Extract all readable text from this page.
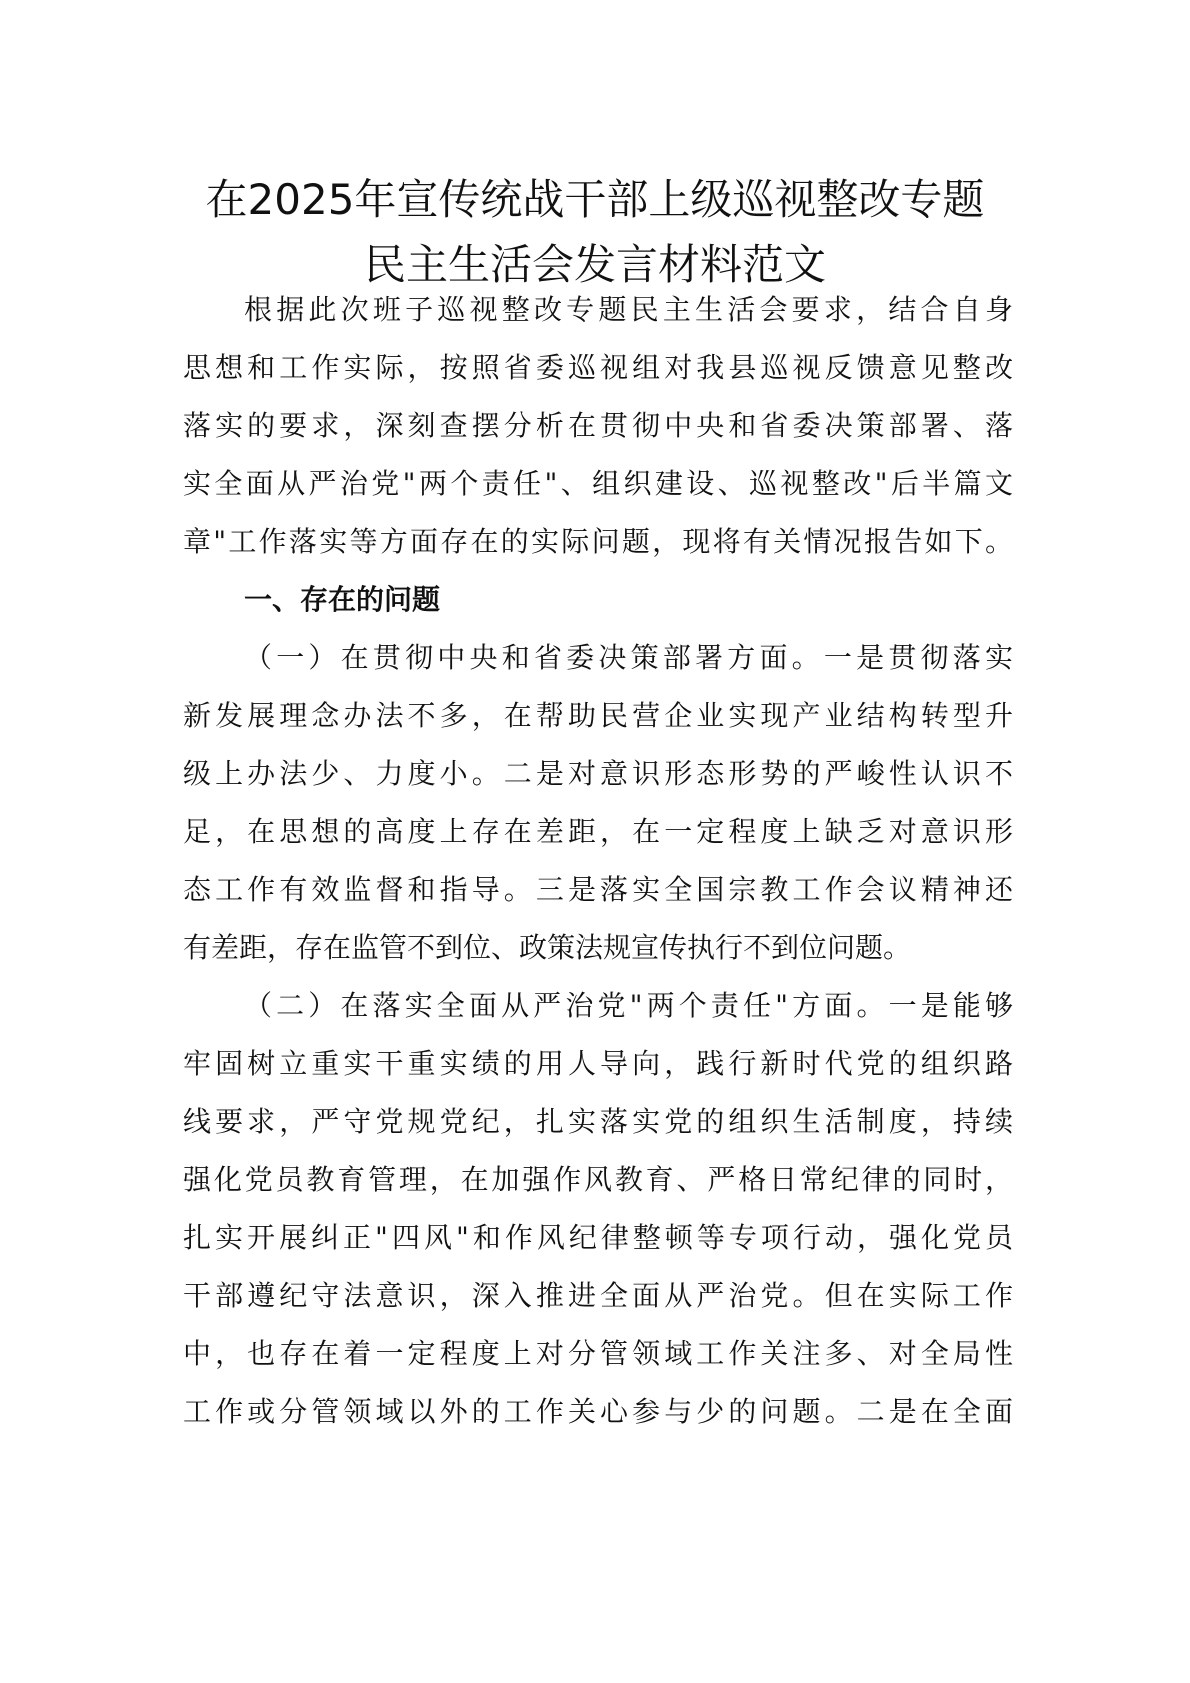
在2025年宣传统战干部上级巡视整改专题
民主生活会发言材料范文
根据此次班子巡视整改专题民主生活会要求，结合自身
思想和工作实际，按照省委巡视组对我县巡视反馈意见整改
落实的要求，深刻查摆分析在贯彻中央和省委决策部署、落
实全面从严治党"两个责任"、组织建设、巡视整改"后半篇文
章"工作落实等方面存在的实际问题，现将有关情况报告如下。
一、存在的问题
（一）在贯彻中央和省委决策部署方面。一是贯彻落实
新发展理念办法不多，在帮助民营企业实现产业结构转型升
级上办法少、力度小。二是对意识形态形势的严峻性认识不
足，在思想的高度上存在差距，在一定程度上缺乏对意识形
态工作有效监督和指导。三是落实全国宗教工作会议精神还
有差距，存在监管不到位、政策法规宣传执行不到位问题。
（二）在落实全面从严治党"两个责任"方面。一是能够
牢固树立重实干重实绩的用人导向，践行新时代党的组织路
线要求，严守党规党纪，扎实落实党的组织生活制度，持续
强化党员教育管理，在加强作风教育、严格日常纪律的同时，
扎实开展纠正"四风"和作风纪律整顿等专项行动，强化党员
干部遵纪守法意识，深入推进全面从严治党。但在实际工作
中，也存在着一定程度上对分管领域工作关注多、对全局性
工作或分管领域以外的工作关心参与少的问题。二是在全面
